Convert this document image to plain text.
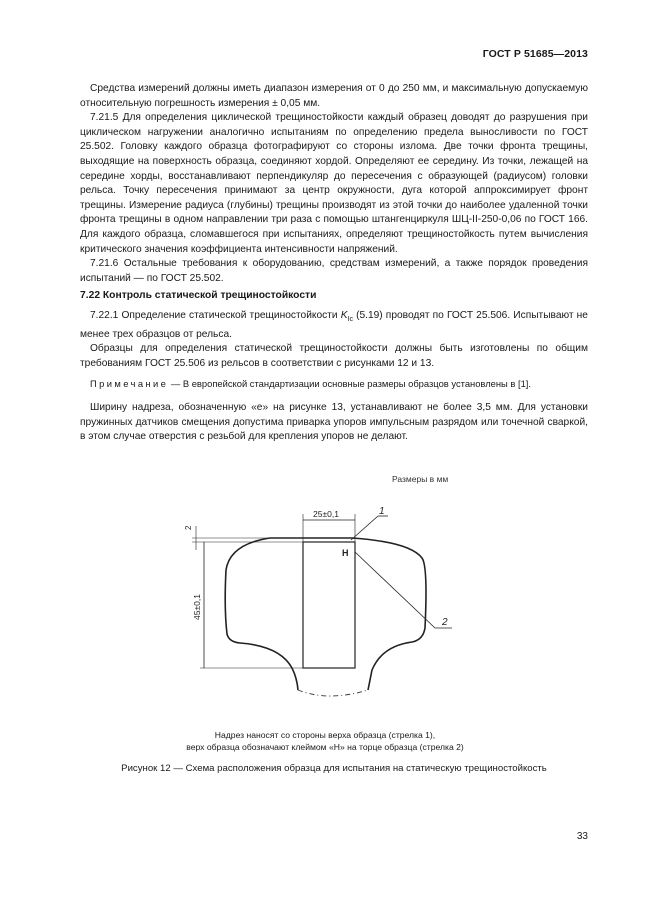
ГОСТ Р 51685—2013

Средства измерений должны иметь диапазон измерения от 0 до 250 мм, и максимальную допускаемую относительную погрешность измерения ± 0,05 мм.

7.21.5 Для определения циклической трещиностойкости каждый образец доводят до разрушения при циклическом нагружении аналогично испытаниям по определению предела выносливости по ГОСТ 25.502. Головку каждого образца фотографируют со стороны излома. Две точки фронта трещины, выходящие на поверхность образца, соединяют хордой. Определяют ее середину. Из точки, лежащей на середине хорды, восстанавливают перпендикуляр до пересечения с образующей (радиусом) головки рельса. Точку пересечения принимают за центр окружности, дуга которой аппроксимирует фронт трещины. Измерение радиуса (глубины) трещины производят из этой точки до наиболее удаленной точки фронта трещины в одном направлении три раза с помощью штангенциркуля ШЦ-II-250-0,06 по ГОСТ 166. Для каждого образца, сломавшегося при испытаниях, определяют трещиностойкость путем вычисления критического значения коэффициента интенсивности напряжений.

7.21.6 Остальные требования к оборудованию, средствам измерений, а также порядок проведения испытаний — по ГОСТ 25.502.

7.22 Контроль статической трещиностойкости

7.22.1 Определение статической трещиностойкости $K_{Ic}$ (5.19) проводят по ГОСТ 25.506. Испытывают не менее трех образцов от рельса.

Образцы для определения статической трещиностойкости должны быть изготовлены по общим требованиям ГОСТ 25.506 из рельсов в соответствии с рисунками 12 и 13.

Примечание — В европейской стандартизации основные размеры образцов установлены в [1].

Ширину надреза, обозначенную «e» на рисунке 13, устанавливают не более 3,5 мм. Для установки пружинных датчиков смещения допустима приварка упоров импульсным разрядом или точечной сваркой, в этом случае отверстия с резьбой для крепления упоров не делают.

Размеры в мм
25±0,1
2
45±0,1
Н
1
2
Надрез наносят со стороны верха образца (стрелка 1),
верх образца обозначают клеймом «Н» на торце образца (стрелка 2)
Рисунок 12 — Схема расположения образца для испытания на статическую трещиностойкость
33
